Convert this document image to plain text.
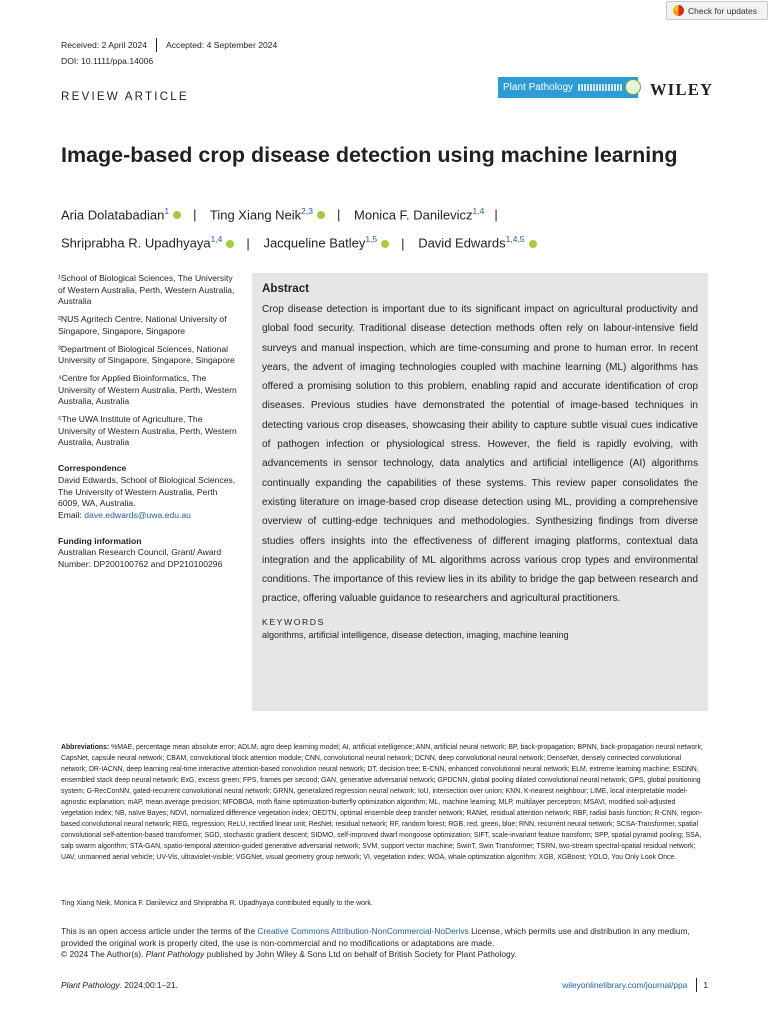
Check for updates
Received: 2 April 2024 Accepted: 4 September 2024
DOI: 10.1111/ppa.14006
REVIEW ARTICLE
Plant Pathology	WILEY
Image-based crop disease detection using machine learning
Aria Dolatabadian$^1$ | Ting Xiang Neik$^{2,3}$ | Monica F. Danilevicz$^{1,4}$ |
Shriprabha R. Upadhyaya$^{1,4}$ | Jacqueline Batley$^{1,5}$ | David Edwards$^{1,4,5}$

¹School of Biological Sciences, The University of Western Australia, Perth, Western Australia, Australia

²NUS Agritech Centre, National University of Singapore, Singapore, Singapore

³Department of Biological Sciences, National University of Singapore, Singapore, Singapore

⁴Centre for Applied Bioinformatics, The University of Western Australia, Perth, Western Australia, Australia

⁵The UWA Institute of Agriculture, The University of Western Australia, Perth, Western Australia, Australia

Correspondence

David Edwards, School of Biological Sciences, The University of Western Australia, Perth 6009, WA, Australia.

Email: dave.edwards@uwa.edu.au

Funding information

Australian Research Council, Grant/ Award Number: DP200100762 and DP210100296

Abstract
Crop disease detection is important due to its significant impact on agricultural productivity and global food security. Traditional disease detection methods often rely on labour-intensive field surveys and manual inspection, which are time-consuming and prone to human error. In recent years, the advent of imaging technologies coupled with machine learning (ML) algorithms has offered a promising solution to this problem, enabling rapid and accurate identification of crop diseases. Previous studies have demonstrated the potential of image-based techniques in detecting various crop diseases, showcasing their ability to capture subtle visual cues indicative of pathogen infection or physiological stress. However, the field is rapidly evolving, with advancements in sensor technology, data analytics and artificial intelligence (AI) algorithms continually expanding the capabilities of these systems. This review paper consolidates the existing literature on image-based crop disease detection using ML, providing a comprehensive overview of cutting-edge techniques and methodologies. Synthesizing findings from diverse studies offers insights into the effectiveness of different imaging platforms, contextual data integration and the applicability of ML algorithms across various crop types and environmental conditions. The importance of this review lies in its ability to bridge the gap between research and practice, offering valuable guidance to researchers and agricultural practitioners.
KEYWORDS
algorithms, artificial intelligence, disease detection, imaging, machine leaning
Abbreviations: %MAE, percentage mean absolute error; ADLM, agro deep learning model; AI, artificial intelligence; ANN, artificial neural network; BP, back-propagation; BPNN, back-propagation neural network; CapsNet, capsule neural network; CBAM, convolutional block attention module; CNN, convolutional neural network; DCNN, deep convolutional neural network; DenseNet, densely connected convolutional network; DR-IACNN, deep learning real-time interactive attention-based convolution neural network; DT, decision tree; E-CNN, enhanced convolutional neural network; ELM, extreme learning machine; ESDNN, ensembled stack deep neural network; ExG, excess green; FPS, frames per second; GAN, generative adversarial network; GPDCNN, global pooling dilated convolutional neural network; GPS, global positioning system; G-RecConNN, gated-recurrent convolutional neural network; GRNN, generalized regression neural network; IoU, intersection over union; KNN, K-nearest neighbour; LIME, local interpretable model-agnostic explanation; mAP, mean average precision; MFOBOA, moth flame optimization-butterfly optimization algorithm; ML, machine learning; MLP, multilayer perceptron; MSAVI, modified soil-adjusted vegetation index; NB, naïve Bayes; NDVI, normalized difference vegetation index; OEDTN, optimal ensemble deep transfer network; RANet, residual attention network; RBF, radial basis function; R-CNN, region-based convolutional neural network; REG, regression; ReLU, rectified linear unit; ResNet, residual network; RF, random forest; RGB, red, green, blue; RNN, recurrent neural network; SCSA-Transformer, spatial convolutional self-attention-based transformer; SGD, stochastic gradient descent; SIDMO, self-improved dwarf mongoose optimization; SIFT, scale-invariant feature transform; SPP, spatial pyramid pooling; SSA, salp swarm algorithm; STA-GAN, spatio-temporal attention-guided generative adversarial network; SVM, support vector machine; SwinT, Swin Transformer; TSRN, two-stream spectral-spatial residual network; UAV, unmanned aerial vehicle; UV-Vis, ultraviolet-visible; VGGNet, visual geometry group network; VI, vegetation index; WOA, whale optimization algorithm; XGB, XGBoost; YOLO, You Only Look Once.
Ting Xiang Neik, Monica F. Danilevicz and Shriprabha R. Upadhyaya contributed equally to the work.
This is an open access article under the terms of the Creative Commons Attribution-NonCommercial-NoDerivs License, which permits use and distribution in any medium, provided the original work is properly cited, the use is non-commercial and no modifications or adaptations are made.
© 2024 The Author(s). Plant Pathology published by John Wiley & Sons Ltd on behalf of British Society for Plant Pathology.
Plant Pathology. 2024;00:1–21.	wileyonlinelibrary.com/journal/ppa 1
